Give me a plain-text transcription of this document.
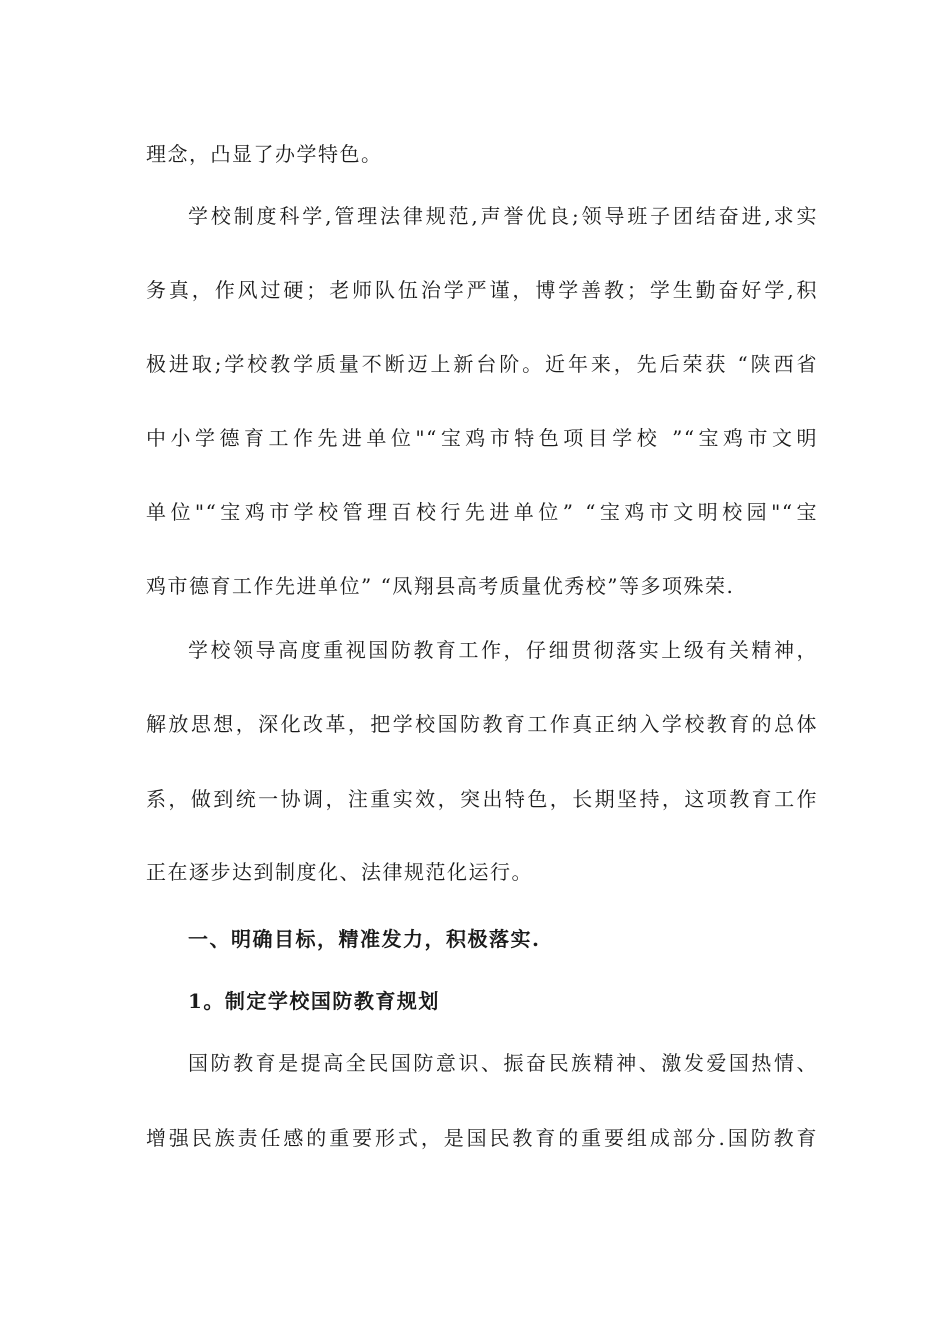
理念，凸显了办学特色。
学校制度科学,管理法律规范,声誉优良;领导班子团结奋进,求实
务真，作风过硬；老师队伍治学严谨，博学善教；学生勤奋好学,积
极进取;学校教学质量不断迈上新台阶。近年来，先后荣获 “陕西省
中小学德育工作先进单位"“宝鸡市特色项目学校 ”“宝鸡市文明
单位"“宝鸡市学校管理百校行先进单位” “宝鸡市文明校园"“宝
鸡市德育工作先进单位” “凤翔县高考质量优秀校”等多项殊荣.
学校领导高度重视国防教育工作，仔细贯彻落实上级有关精神，
解放思想，深化改革，把学校国防教育工作真正纳入学校教育的总体
系，做到统一协调，注重实效，突出特色，长期坚持，这项教育工作
正在逐步达到制度化、法律规范化运行。
一、明确目标，精准发力，积极落实.
1。制定学校国防教育规划
国防教育是提高全民国防意识、振奋民族精神、激发爱国热情、
增强民族责任感的重要形式，是国民教育的重要组成部分.国防教育
